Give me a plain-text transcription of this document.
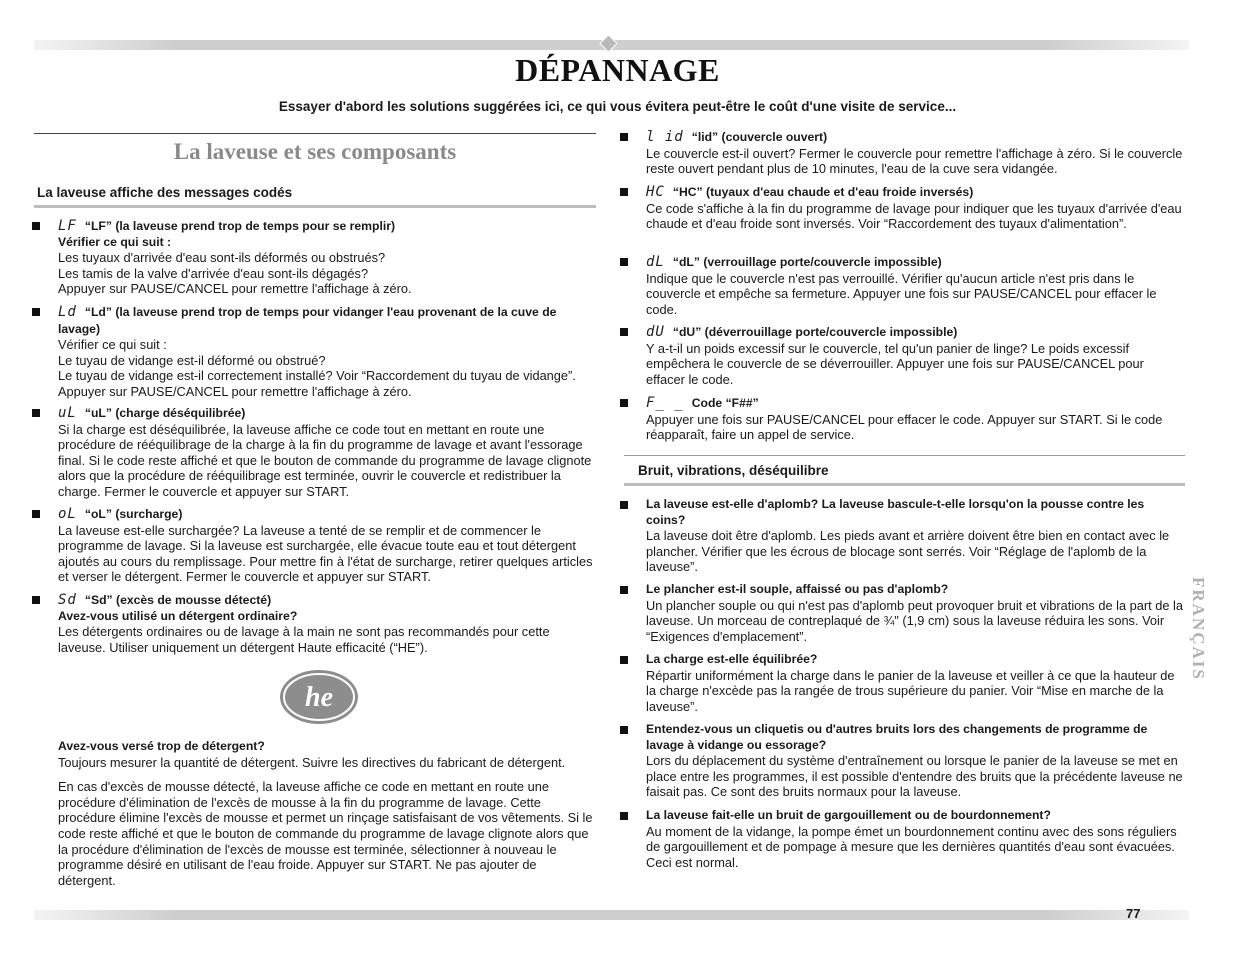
DÉPANNAGE
Essayer d'abord les solutions suggérées ici, ce qui vous évitera peut-être le coût d'une visite de service...
La laveuse et ses composants
La laveuse affiche des messages codés
LF “LF” (la laveuse prend trop de temps pour se remplir)
Vérifier ce qui suit :
Les tuyaux d'arrivée d'eau sont-ils déformés ou obstrués?
Les tamis de la valve d'arrivée d'eau sont-ils dégagés?
Appuyer sur PAUSE/CANCEL pour remettre l'affichage à zéro.
Ld “Ld” (la laveuse prend trop de temps pour vidanger l'eau provenant de la cuve de lavage)
Vérifier ce qui suit :
Le tuyau de vidange est-il déformé ou obstrué?
Le tuyau de vidange est-il correctement installé? Voir “Raccordement du tuyau de vidange”. Appuyer sur PAUSE/CANCEL pour remettre l'affichage à zéro.
uL “uL” (charge déséquilibrée)
Si la charge est déséquilibrée, la laveuse affiche ce code tout en mettant en route une procédure de rééquilibrage de la charge à la fin du programme de lavage et avant l'essorage final. Si le code reste affiché et que le bouton de commande du programme de lavage clignote alors que la procédure de rééquilibrage est terminée, ouvrir le couvercle et redistribuer la charge. Fermer le couvercle et appuyer sur START.
oL “oL” (surcharge)
La laveuse est-elle surchargée? La laveuse a tenté de se remplir et de commencer le programme de lavage. Si la laveuse est surchargée, elle évacue toute eau et tout détergent ajoutés au cours du remplissage. Pour mettre fin à l'état de surcharge, retirer quelques articles et verser le détergent. Fermer le couvercle et appuyer sur START.
Sd “Sd” (excès de mousse détecté)
Avez-vous utilisé un détergent ordinaire?
Les détergents ordinaires ou de lavage à la main ne sont pas recommandés pour cette laveuse. Utiliser uniquement un détergent Haute efficacité (“HE”).
he
Avez-vous versé trop de détergent?
Toujours mesurer la quantité de détergent. Suivre les directives du fabricant de détergent.
En cas d'excès de mousse détecté, la laveuse affiche ce code en mettant en route une procédure d'élimination de l'excès de mousse à la fin du programme de lavage. Cette procédure élimine l'excès de mousse et permet un rinçage satisfaisant de vos vêtements. Si le code reste affiché et que le bouton de commande du programme de lavage clignote alors que la procédure d'élimination de l'excès de mousse est terminée, sélectionner à nouveau le programme désiré en utilisant de l'eau froide. Appuyer sur START. Ne pas ajouter de détergent.
l id “lid” (couvercle ouvert)
Le couvercle est-il ouvert? Fermer le couvercle pour remettre l'affichage à zéro. Si le couvercle reste ouvert pendant plus de 10 minutes, l'eau de la cuve sera vidangée.
HC “HC” (tuyaux d'eau chaude et d'eau froide inversés)
Ce code s'affiche à la fin du programme de lavage pour indiquer que les tuyaux d'arrivée d'eau chaude et d'eau froide sont inversés. Voir “Raccordement des tuyaux d'alimentation”.
dL “dL” (verrouillage porte/couvercle impossible)
Indique que le couvercle n'est pas verrouillé. Vérifier qu'aucun article n'est pris dans le couvercle et empêche sa fermeture. Appuyer une fois sur PAUSE/CANCEL pour effacer le code.
dU “dU” (déverrouillage porte/couvercle impossible)
Y a-t-il un poids excessif sur le couvercle, tel qu'un panier de linge? Le poids excessif empêchera le couvercle de se déverrouiller. Appuyer une fois sur PAUSE/CANCEL pour effacer le code.
F_ _ Code “F##”
Appuyer une fois sur PAUSE/CANCEL pour effacer le code. Appuyer sur START. Si le code réapparaît, faire un appel de service.
Bruit, vibrations, déséquilibre
La laveuse est-elle d'aplomb? La laveuse bascule-t-elle lorsqu'on la pousse contre les coins?
La laveuse doit être d'aplomb. Les pieds avant et arrière doivent être bien en contact avec le plancher. Vérifier que les écrous de blocage sont serrés. Voir “Réglage de l'aplomb de la laveuse”.
Le plancher est-il souple, affaissé ou pas d'aplomb?
Un plancher souple ou qui n'est pas d'aplomb peut provoquer bruit et vibrations de la part de la laveuse. Un morceau de contreplaqué de ¾" (1,9 cm) sous la laveuse réduira les sons. Voir “Exigences d'emplacement”.
La charge est-elle équilibrée?
Répartir uniformément la charge dans le panier de la laveuse et veiller à ce que la hauteur de la charge n'excède pas la rangée de trous supérieure du panier. Voir “Mise en marche de la laveuse”.
Entendez-vous un cliquetis ou d'autres bruits lors des changements de programme de lavage à vidange ou essorage?
Lors du déplacement du système d'entraînement ou lorsque le panier de la laveuse se met en place entre les programmes, il est possible d'entendre des bruits que la précédente laveuse ne faisait pas. Ce sont des bruits normaux pour la laveuse.
La laveuse fait-elle un bruit de gargouillement ou de bourdonnement?
Au moment de la vidange, la pompe émet un bourdonnement continu avec des sons réguliers de gargouillement et de pompage à mesure que les dernières quantités d'eau sont évacuées. Ceci est normal.
FRANÇAIS
77
